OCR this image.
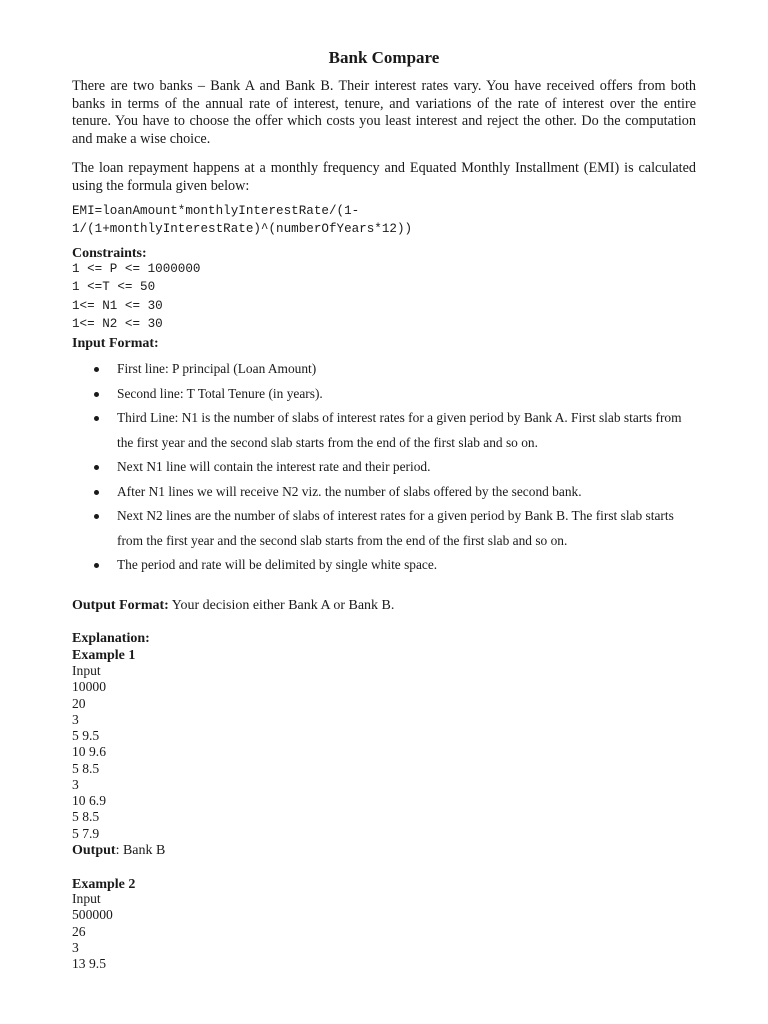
Bank Compare
There are two banks – Bank A and Bank B. Their interest rates vary. You have received offers from both banks in terms of the annual rate of interest, tenure, and variations of the rate of interest over the entire tenure. You have to choose the offer which costs you least interest and reject the other. Do the computation and make a wise choice.
The loan repayment happens at a monthly frequency and Equated Monthly Installment (EMI) is calculated using the formula given below:
EMI=loanAmount*monthlyInterestRate/(1-
1/(1+monthlyInterestRate)^(numberOfYears*12))
Constraints:
1 <= P <= 1000000
1 <=T <= 50
1<= N1 <= 30
1<= N2 <= 30
Input Format:
First line: P principal (Loan Amount)
Second line: T Total Tenure (in years).
Third Line: N1 is the number of slabs of interest rates for a given period by Bank A. First slab starts from the first year and the second slab starts from the end of the first slab and so on.
Next N1 line will contain the interest rate and their period.
After N1 lines we will receive N2 viz. the number of slabs offered by the second bank.
Next N2 lines are the number of slabs of interest rates for a given period by Bank B. The first slab starts from the first year and the second slab starts from the end of the first slab and so on.
The period and rate will be delimited by single white space.
Output Format: Your decision either Bank A or Bank B.
Explanation:
Example 1
Input
10000
20
3
5 9.5
10 9.6
5 8.5
3
10 6.9
5 8.5
5 7.9
Output: Bank B
Example 2
Input
500000
26
3
13 9.5
